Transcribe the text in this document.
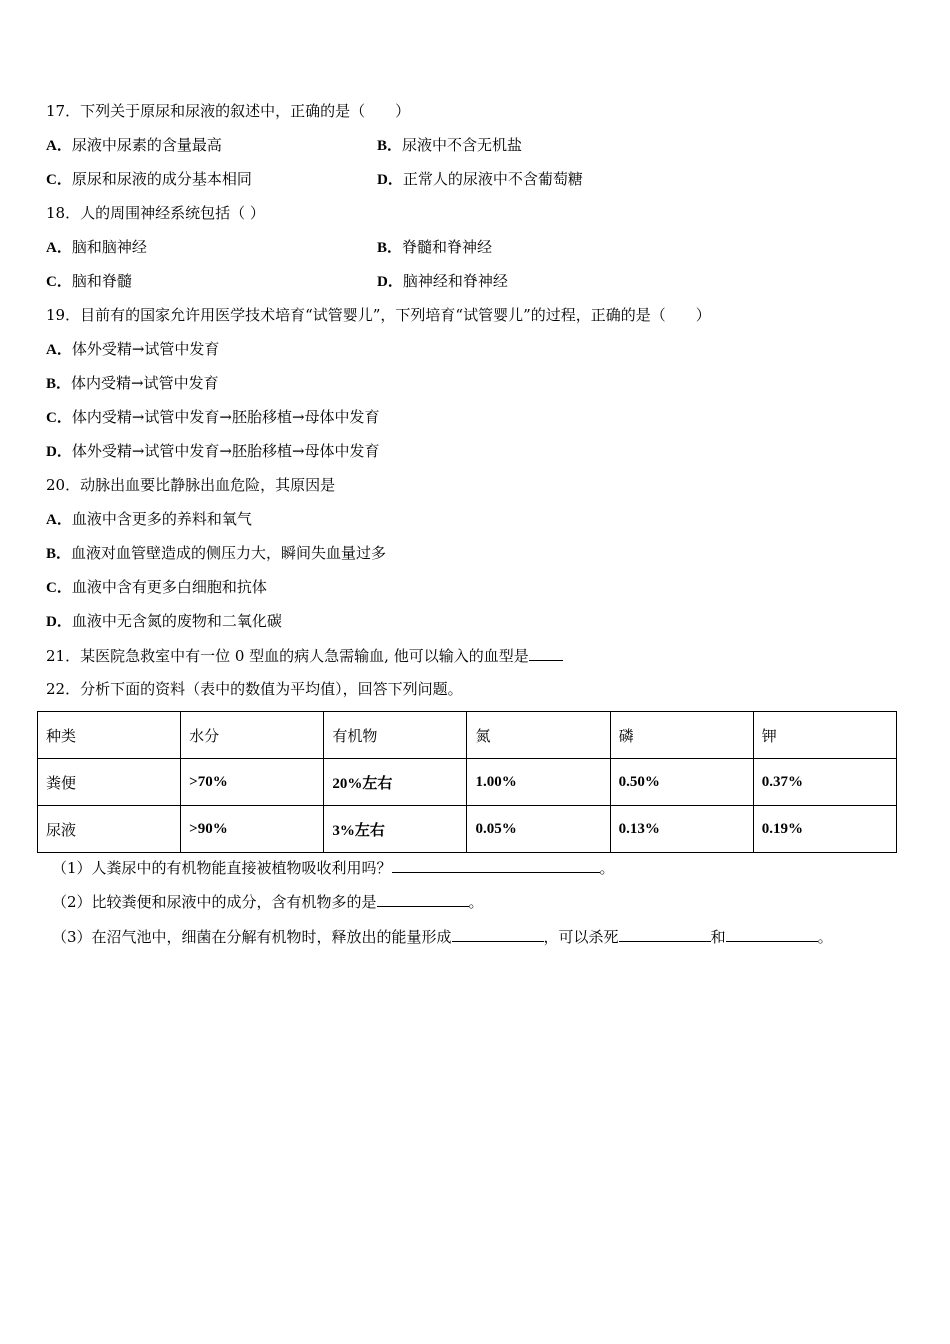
17．下列关于原尿和尿液的叙述中，正确的是（　　）
A．尿液中尿素的含量最高	B．尿液中不含无机盐
C．原尿和尿液的成分基本相同	D．正常人的尿液中不含葡萄糖
18．人的周围神经系统包括（ ）
A．脑和脑神经	B．脊髓和脊神经
C．脑和脊髓	D．脑神经和脊神经
19．目前有的国家允许用医学技术培育“试管婴儿”，下列培育“试管婴儿”的过程，正确的是（　　）
A．体外受精→试管中发育
B．体内受精→试管中发育
C．体内受精→试管中发育→胚胎移植→母体中发育
D．体外受精→试管中发育→胚胎移植→母体中发育
20．动脉出血要比静脉出血危险，其原因是
A．血液中含更多的养料和氧气
B．血液对血管壁造成的侧压力大，瞬间失血量过多
C．血液中含有更多白细胞和抗体
D．血液中无含氮的废物和二氧化碳
21．某医院急救室中有一位 0 型血的病人急需输血, 他可以输入的血型是
22．分析下面的资料（表中的数值为平均值），回答下列问题。
种类	水分	有机物	氮	磷	钾
粪便	>70%	20%左右	1.00%	0.50%	0.37%
尿液	>90%	3%左右	0.05%	0.13%	0.19%
（1）人粪尿中的有机物能直接被植物吸收利用吗？	。
（2）比较粪便和尿液中的成分，含有机物多的是	。
（3）在沼气池中，细菌在分解有机物时，释放出的能量形成	，可以杀死	和	。
